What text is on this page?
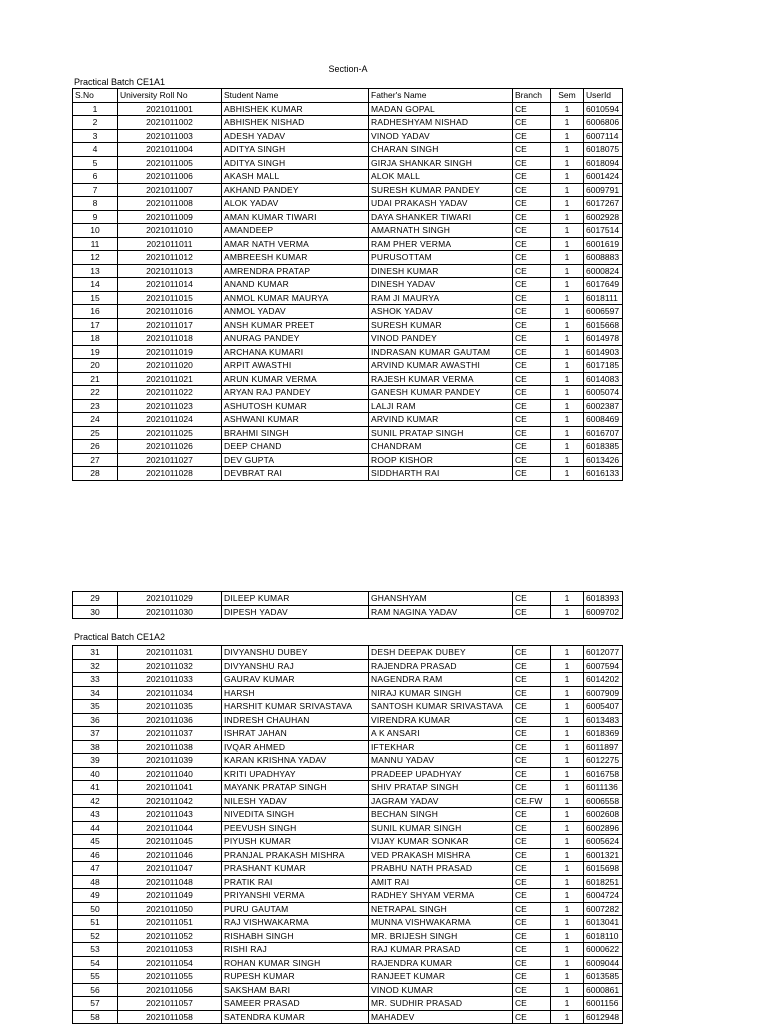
Section-A
Practical Batch CE1A1
S.No	University Roll No	Student Name	Father's Name	Branch	Sem	UserId
1	2021011001	ABHISHEK KUMAR	MADAN GOPAL	CE	1	6010594
2	2021011002	ABHISHEK NISHAD	RADHESHYAM NISHAD	CE	1	6006806
3	2021011003	ADESH YADAV	VINOD YADAV	CE	1	6007114
4	2021011004	ADITYA SINGH	CHARAN SINGH	CE	1	6018075
5	2021011005	ADITYA SINGH	GIRJA SHANKAR SINGH	CE	1	6018094
6	2021011006	AKASH MALL	ALOK MALL	CE	1	6001424
7	2021011007	AKHAND PANDEY	SURESH KUMAR PANDEY	CE	1	6009791
8	2021011008	ALOK YADAV	UDAI PRAKASH YADAV	CE	1	6017267
9	2021011009	AMAN KUMAR TIWARI	DAYA SHANKER TIWARI	CE	1	6002928
10	2021011010	AMANDEEP	AMARNATH SINGH	CE	1	6017514
11	2021011011	AMAR NATH VERMA	RAM PHER VERMA	CE	1	6001619
12	2021011012	AMBREESH KUMAR	PURUSOTTAM	CE	1	6008883
13	2021011013	AMRENDRA PRATAP	DINESH KUMAR	CE	1	6000824
14	2021011014	ANAND KUMAR	DINESH YADAV	CE	1	6017649
15	2021011015	ANMOL KUMAR MAURYA	RAM JI MAURYA	CE	1	6018111
16	2021011016	ANMOL YADAV	ASHOK YADAV	CE	1	6006597
17	2021011017	ANSH KUMAR PREET	SURESH KUMAR	CE	1	6015668
18	2021011018	ANURAG PANDEY	VINOD PANDEY	CE	1	6014978
19	2021011019	ARCHANA KUMARI	INDRASAN KUMAR GAUTAM	CE	1	6014903
20	2021011020	ARPIT AWASTHI	ARVIND KUMAR AWASTHI	CE	1	6017185
21	2021011021	ARUN KUMAR VERMA	RAJESH KUMAR VERMA	CE	1	6014083
22	2021011022	ARYAN RAJ PANDEY	GANESH KUMAR PANDEY	CE	1	6005074
23	2021011023	ASHUTOSH KUMAR	LALJI RAM	CE	1	6002387
24	2021011024	ASHWANI KUMAR	ARVIND KUMAR	CE	1	6008469
25	2021011025	BRAHMI SINGH	SUNIL PRATAP SINGH	CE	1	6016707
26	2021011026	DEEP CHAND	CHANDRAM	CE	1	6018385
27	2021011027	DEV GUPTA	ROOP KISHOR	CE	1	6013426
28	2021011028	DEVBRAT RAI	SIDDHARTH RAI	CE	1	6016133
29	2021011029	DILEEP KUMAR	GHANSHYAM	CE	1	6018393
30	2021011030	DIPESH YADAV	RAM NAGINA YADAV	CE	1	6009702
Practical Batch CE1A2
31	2021011031	DIVYANSHU DUBEY	DESH DEEPAK DUBEY	CE	1	6012077
32	2021011032	DIVYANSHU RAJ	RAJENDRA PRASAD	CE	1	6007594
33	2021011033	GAURAV KUMAR	NAGENDRA RAM	CE	1	6014202
34	2021011034	HARSH	NIRAJ KUMAR SINGH	CE	1	6007909
35	2021011035	HARSHIT KUMAR SRIVASTAVA	SANTOSH KUMAR SRIVASTAVA	CE	1	6005407
36	2021011036	INDRESH CHAUHAN	VIRENDRA KUMAR	CE	1	6013483
37	2021011037	ISHRAT JAHAN	A K ANSARI	CE	1	6018369
38	2021011038	IVQAR AHMED	IFTEKHAR	CE	1	6011897
39	2021011039	KARAN KRISHNA YADAV	MANNU YADAV	CE	1	6012275
40	2021011040	KRITI UPADHYAY	PRADEEP UPADHYAY	CE	1	6016758
41	2021011041	MAYANK PRATAP SINGH	SHIV PRATAP SINGH	CE	1	6011136
42	2021011042	NILESH YADAV	JAGRAM YADAV	CE.FW	1	6006558
43	2021011043	NIVEDITA SINGH	BECHAN SINGH	CE	1	6002608
44	2021011044	PEEVUSH SINGH	SUNIL KUMAR SINGH	CE	1	6002896
45	2021011045	PIYUSH KUMAR	VIJAY KUMAR SONKAR	CE	1	6005624
46	2021011046	PRANJAL PRAKASH MISHRA	VED PRAKASH MISHRA	CE	1	6001321
47	2021011047	PRASHANT KUMAR	PRABHU NATH PRASAD	CE	1	6015698
48	2021011048	PRATIK RAI	AMIT RAI	CE	1	6018251
49	2021011049	PRIYANSHI VERMA	RADHEY SHYAM VERMA	CE	1	6004724
50	2021011050	PURU GAUTAM	NETRAPAL SINGH	CE	1	6007282
51	2021011051	RAJ VISHWAKARMA	MUNNA VISHWAKARMA	CE	1	6013041
52	2021011052	RISHABH SINGH	MR. BRIJESH SINGH	CE	1	6018110
53	2021011053	RISHI RAJ	RAJ KUMAR PRASAD	CE	1	6000622
54	2021011054	ROHAN KUMAR SINGH	RAJENDRA KUMAR	CE	1	6009044
55	2021011055	RUPESH KUMAR	RANJEET KUMAR	CE	1	6013585
56	2021011056	SAKSHAM BARI	VINOD KUMAR	CE	1	6000861
57	2021011057	SAMEER PRASAD	MR. SUDHIR PRASAD	CE	1	6001156
58	2021011058	SATENDRA KUMAR	MAHADEV	CE	1	6012948
